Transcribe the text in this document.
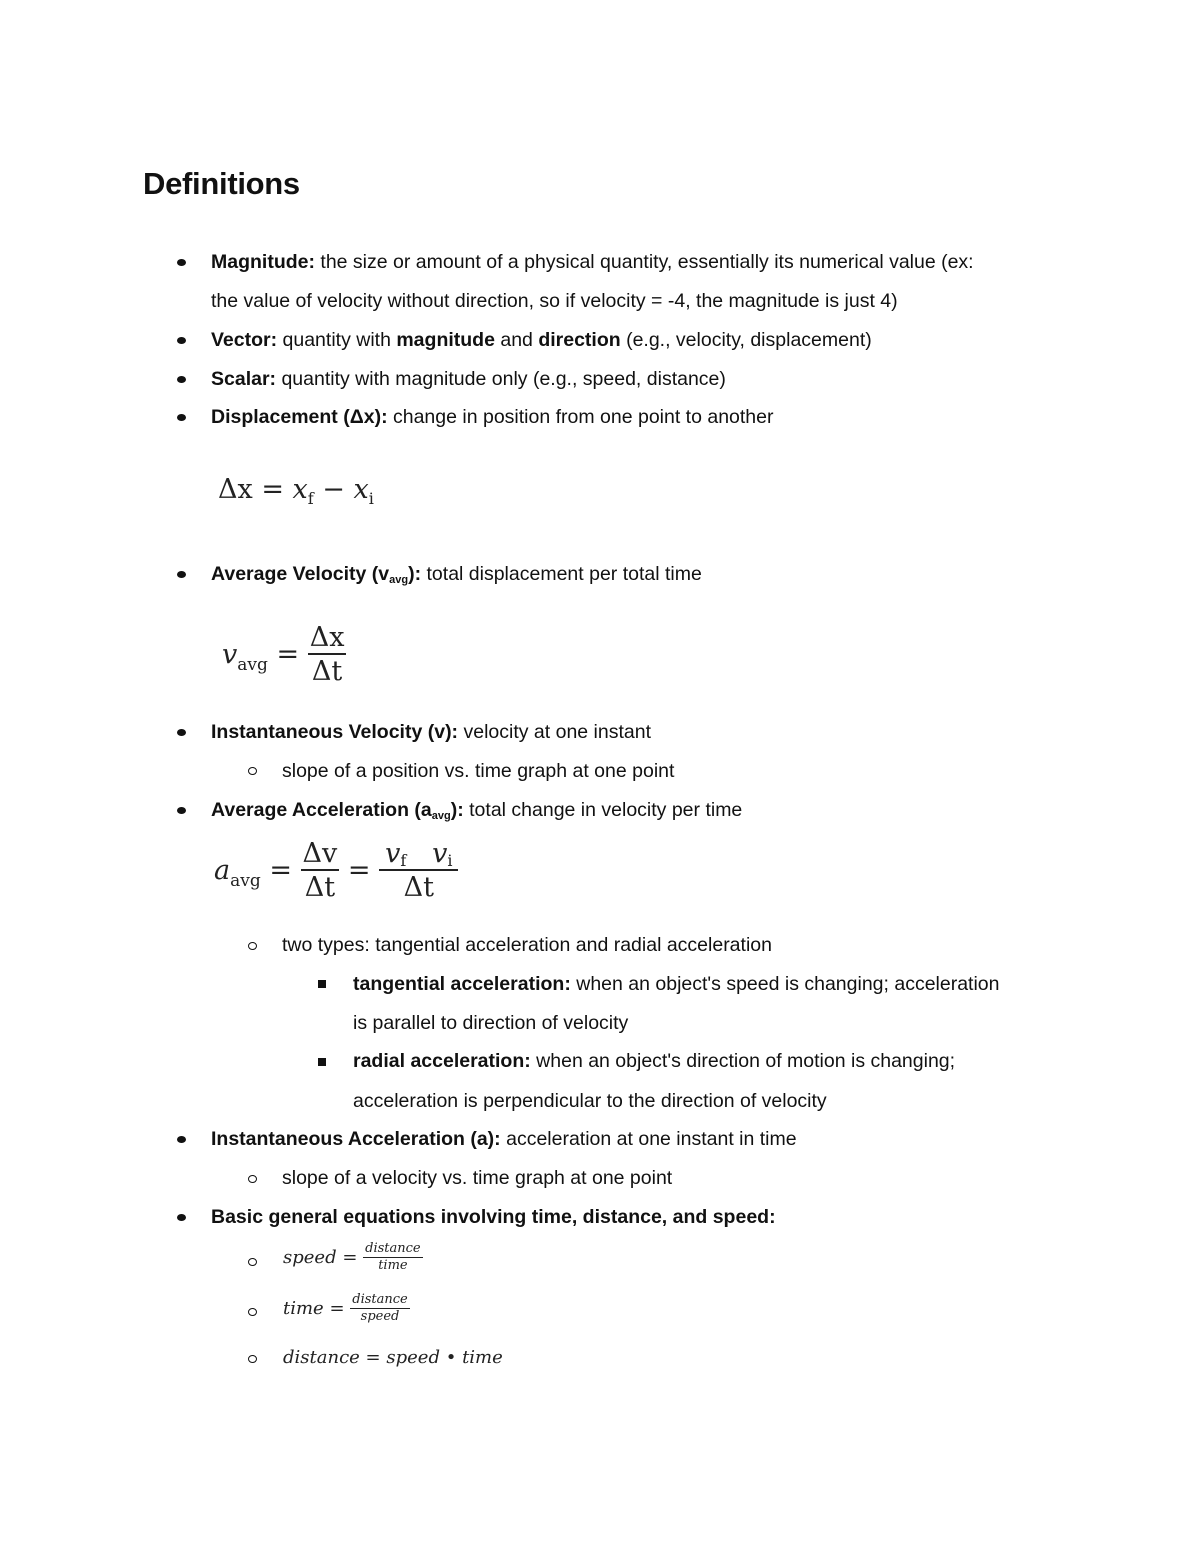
Definitions
Magnitude: the size or amount of a physical quantity, essentially its numerical value (ex:
the value of velocity without direction, so if velocity = -4, the magnitude is just 4)
Vector: quantity with magnitude and direction (e.g., velocity, displacement)
Scalar: quantity with magnitude only (e.g., speed, distance)
Displacement (Δx): change in position from one point to another
$\Delta x = x_f - x_i$
Average Velocity $(v_{avg})$: total displacement per total time
$v_{avg} = \frac{\Delta x}{\Delta t}$
Instantaneous Velocity (v): velocity at one instant
slope of a position vs. time graph at one point
Average Acceleration $(a_{avg})$: total change in velocity per time
$a_{avg} = \frac{\Delta v}{\Delta t} = \frac{\text{vf vi}}{\Delta t}$
two types: tangential acceleration and radial acceleration
tangential acceleration: when an object's speed is changing; acceleration
is parallel to direction of velocity
radial acceleration: when an object's direction of motion is changing;
acceleration is perpendicular to the direction of velocity
Instantaneous Acceleration (a): acceleration at one instant in time
slope of a velocity vs. time graph at one point
Basic general equations involving time, distance, and speed:
speed = $\frac{\text{distance}}{\text{time}}$
time = $\frac{\text{distance}}{\text{speed}}$
distance = speed • time
